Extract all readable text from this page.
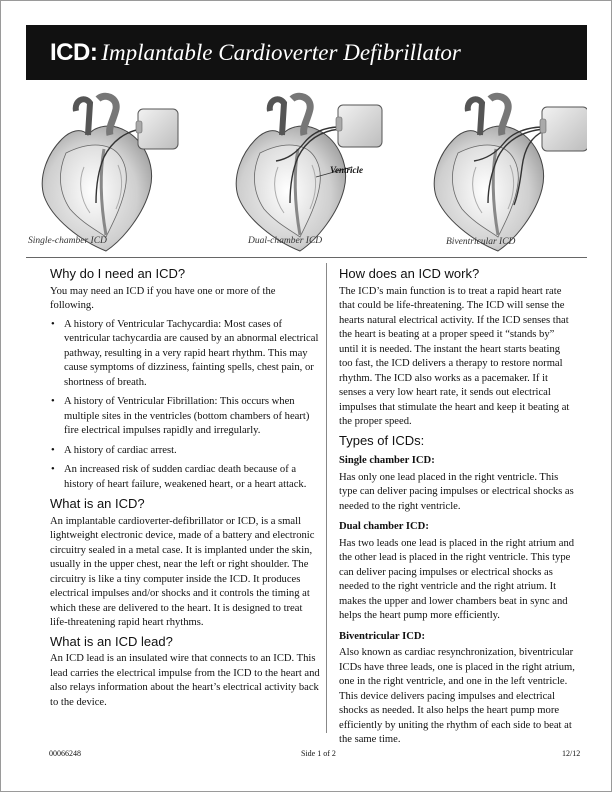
ICD: Implantable Cardioverter Defibrillator
Ventricle
Single-chamber ICD	Dual-chamber ICD	Biventricular ICD
Why do I need an ICD?

You may need an ICD if you have one or more of the following.

• A history of Ventricular Tachycardia: Most cases of ventricular tachycardia are caused by an abnormal electrical pathway, resulting in a very rapid heart rhythm. This may cause symptoms of dizziness, fainting spells, chest pain, or shortness of breath.
• A history of Ventricular Fibrillation: This occurs when multiple sites in the ventricles (bottom chambers of heart) fire electrical impulses rapidly and irregularly.
• A history of cardiac arrest.
• An increased risk of sudden cardiac death because of a history of heart failure, weakened heart, or a heart attack.
What is an ICD?

An implantable cardioverter-defibrillator or ICD, is a small lightweight electronic device, made of a battery and electronic circuitry sealed in a metal case. It is implanted under the skin, usually in the upper chest, near the left or right shoulder. The circuitry is like a tiny computer inside the ICD. It produces electrical impulses and/or shocks and it controls the timing at which these are delivered to the heart. It is designed to treat life-threatening rapid heart rhythms.

What is an ICD lead?

An ICD lead is an insulated wire that connects to an ICD. This lead carries the electrical impulse from the ICD to the heart and also relays information about the heart’s electrical activity back to the device.

How does an ICD work?

The ICD’s main function is to treat a rapid heart rate that could be life-threatening. The ICD will sense the hearts natural electrical activity. If the ICD senses that the heart is beating at a proper speed it “stands by” until it is needed. The instant the heart starts beating too fast, the ICD delivers a therapy to restore normal rhythm. The ICD also works as a pacemaker. If it senses a very low heart rate, it sends out electrical impulses that stimulate the heart and keep it beating at the proper speed.

Types of ICDs:
Single chamber ICD:

Has only one lead placed in the right ventricle. This type can deliver pacing impulses or electrical shocks as needed to the right ventricle.

Dual chamber ICD:

Has two leads one lead is placed in the right atrium and the other lead is placed in the right ventricle. This type can deliver pacing impulses or electrical shocks as needed to the right ventricle and the right atrium. It makes the upper and lower chambers beat in sync and helps the heart pump more efficiently.

Biventricular ICD:

Also known as cardiac resynchronization, biventricular ICDs have three leads, one is placed in the right atrium, one in the right ventricle, and one in the left ventricle. This device delivers pacing impulses and electrical shocks as needed. It also helps the heart pump more efficiently by uniting the rhythm of each side to beat at the same time.

00066248	Side 1 of 2	12/12
